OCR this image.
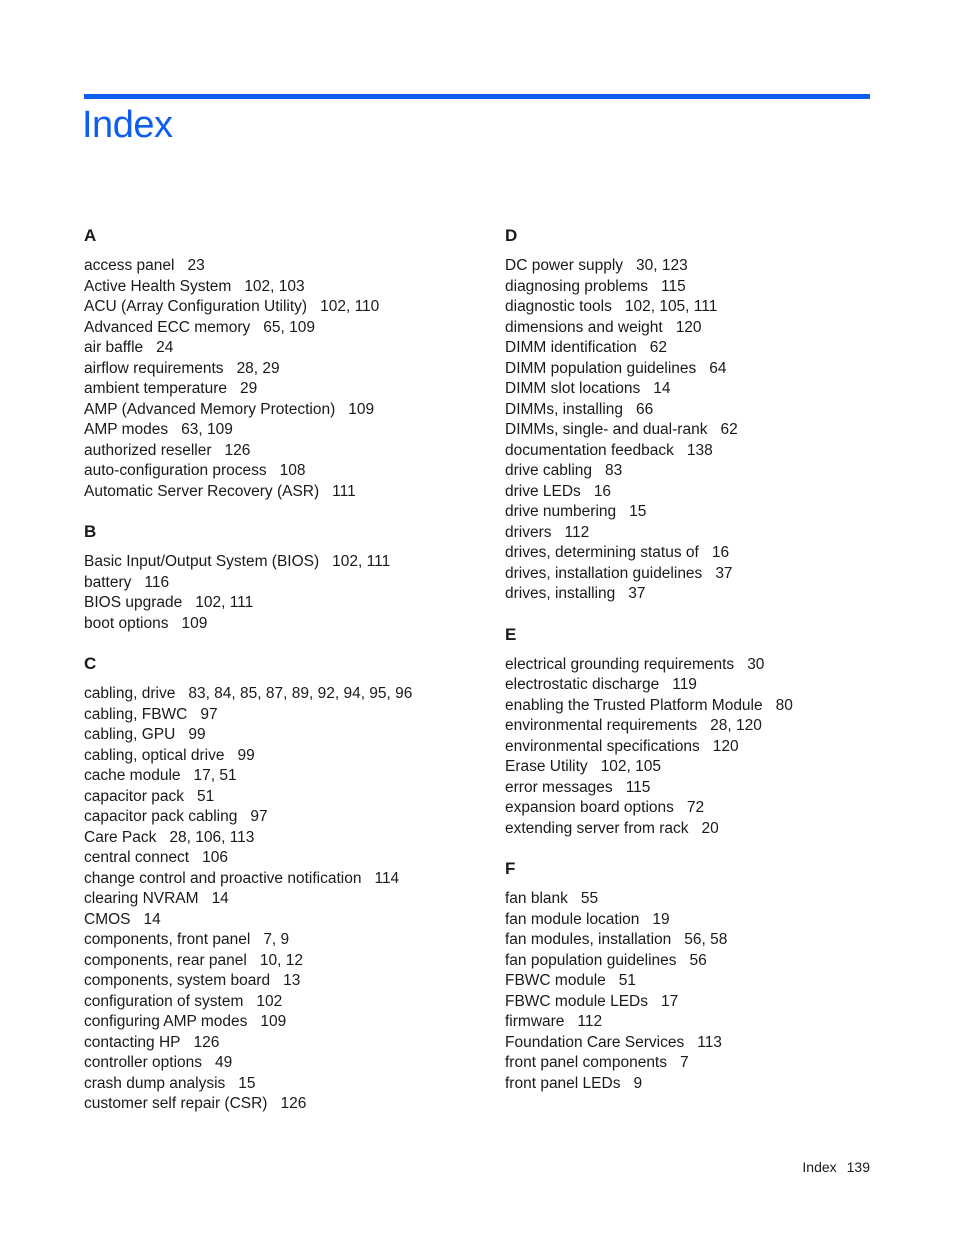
Index
A
access panel 23
Active Health System 102, 103
ACU (Array Configuration Utility) 102, 110
Advanced ECC memory 65, 109
air baffle 24
airflow requirements 28, 29
ambient temperature 29
AMP (Advanced Memory Protection) 109
AMP modes 63, 109
authorized reseller 126
auto-configuration process 108
Automatic Server Recovery (ASR) 111
B
Basic Input/Output System (BIOS) 102, 111
battery 116
BIOS upgrade 102, 111
boot options 109
C
cabling, drive 83, 84, 85, 87, 89, 92, 94, 95, 96
cabling, FBWC 97
cabling, GPU 99
cabling, optical drive 99
cache module 17, 51
capacitor pack 51
capacitor pack cabling 97
Care Pack 28, 106, 113
central connect 106
change control and proactive notification 114
clearing NVRAM 14
CMOS 14
components, front panel 7, 9
components, rear panel 10, 12
components, system board 13
configuration of system 102
configuring AMP modes 109
contacting HP 126
controller options 49
crash dump analysis 15
customer self repair (CSR) 126
D
DC power supply 30, 123
diagnosing problems 115
diagnostic tools 102, 105, 111
dimensions and weight 120
DIMM identification 62
DIMM population guidelines 64
DIMM slot locations 14
DIMMs, installing 66
DIMMs, single- and dual-rank 62
documentation feedback 138
drive cabling 83
drive LEDs 16
drive numbering 15
drivers 112
drives, determining status of 16
drives, installation guidelines 37
drives, installing 37
E
electrical grounding requirements 30
electrostatic discharge 119
enabling the Trusted Platform Module 80
environmental requirements 28, 120
environmental specifications 120
Erase Utility 102, 105
error messages 115
expansion board options 72
extending server from rack 20
F
fan blank 55
fan module location 19
fan modules, installation 56, 58
fan population guidelines 56
FBWC module 51
FBWC module LEDs 17
firmware 112
Foundation Care Services 113
front panel components 7
front panel LEDs 9
Index 139
